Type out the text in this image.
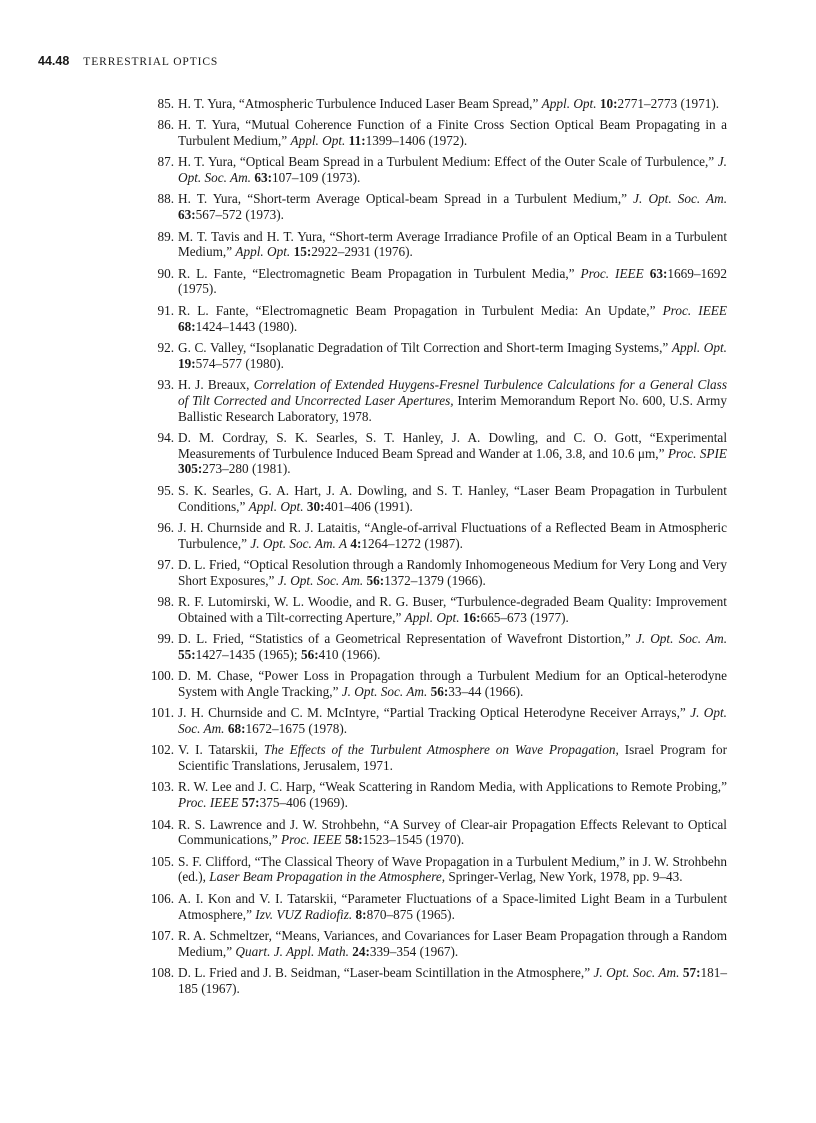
44.48 TERRESTRIAL OPTICS
85. H. T. Yura, “Atmospheric Turbulence Induced Laser Beam Spread,” Appl. Opt. 10:2771–2773 (1971).
86. H. T. Yura, “Mutual Coherence Function of a Finite Cross Section Optical Beam Propagating in a Turbulent Medium,” Appl. Opt. 11:1399–1406 (1972).
87. H. T. Yura, “Optical Beam Spread in a Turbulent Medium: Effect of the Outer Scale of Turbulence,” J. Opt. Soc. Am. 63:107–109 (1973).
88. H. T. Yura, “Short-term Average Optical-beam Spread in a Turbulent Medium,” J. Opt. Soc. Am. 63:567–572 (1973).
89. M. T. Tavis and H. T. Yura, “Short-term Average Irradiance Profile of an Optical Beam in a Turbulent Medium,” Appl. Opt. 15:2922–2931 (1976).
90. R. L. Fante, “Electromagnetic Beam Propagation in Turbulent Media,” Proc. IEEE 63:1669–1692 (1975).
91. R. L. Fante, “Electromagnetic Beam Propagation in Turbulent Media: An Update,” Proc. IEEE 68:1424–1443 (1980).
92. G. C. Valley, “Isoplanatic Degradation of Tilt Correction and Short-term Imaging Systems,” Appl. Opt. 19:574–577 (1980).
93. H. J. Breaux, Correlation of Extended Huygens-Fresnel Turbulence Calculations for a General Class of Tilt Corrected and Uncorrected Laser Apertures, Interim Memorandum Report No. 600, U.S. Army Ballistic Research Laboratory, 1978.
94. D. M. Cordray, S. K. Searles, S. T. Hanley, J. A. Dowling, and C. O. Gott, “Experimental Measurements of Turbulence Induced Beam Spread and Wander at 1.06, 3.8, and 10.6 μm,” Proc. SPIE 305:273–280 (1981).
95. S. K. Searles, G. A. Hart, J. A. Dowling, and S. T. Hanley, “Laser Beam Propagation in Turbulent Conditions,” Appl. Opt. 30:401–406 (1991).
96. J. H. Churnside and R. J. Lataitis, “Angle-of-arrival Fluctuations of a Reflected Beam in Atmospheric Turbulence,” J. Opt. Soc. Am. A 4:1264–1272 (1987).
97. D. L. Fried, “Optical Resolution through a Randomly Inhomogeneous Medium for Very Long and Very Short Exposures,” J. Opt. Soc. Am. 56:1372–1379 (1966).
98. R. F. Lutomirski, W. L. Woodie, and R. G. Buser, “Turbulence-degraded Beam Quality: Improvement Obtained with a Tilt-correcting Aperture,” Appl. Opt. 16:665–673 (1977).
99. D. L. Fried, “Statistics of a Geometrical Representation of Wavefront Distortion,” J. Opt. Soc. Am. 55:1427–1435 (1965); 56:410 (1966).
100. D. M. Chase, “Power Loss in Propagation through a Turbulent Medium for an Optical-heterodyne System with Angle Tracking,” J. Opt. Soc. Am. 56:33–44 (1966).
101. J. H. Churnside and C. M. McIntyre, “Partial Tracking Optical Heterodyne Receiver Arrays,” J. Opt. Soc. Am. 68:1672–1675 (1978).
102. V. I. Tatarskii, The Effects of the Turbulent Atmosphere on Wave Propagation, Israel Program for Scientific Translations, Jerusalem, 1971.
103. R. W. Lee and J. C. Harp, “Weak Scattering in Random Media, with Applications to Remote Probing,” Proc. IEEE 57:375–406 (1969).
104. R. S. Lawrence and J. W. Strohbehn, “A Survey of Clear-air Propagation Effects Relevant to Optical Communications,” Proc. IEEE 58:1523–1545 (1970).
105. S. F. Clifford, “The Classical Theory of Wave Propagation in a Turbulent Medium,” in J. W. Strohbehn (ed.), Laser Beam Propagation in the Atmosphere, Springer-Verlag, New York, 1978, pp. 9–43.
106. A. I. Kon and V. I. Tatarskii, “Parameter Fluctuations of a Space-limited Light Beam in a Turbulent Atmosphere,” Izv. VUZ Radiofiz. 8:870–875 (1965).
107. R. A. Schmeltzer, “Means, Variances, and Covariances for Laser Beam Propagation through a Random Medium,” Quart. J. Appl. Math. 24:339–354 (1967).
108. D. L. Fried and J. B. Seidman, “Laser-beam Scintillation in the Atmosphere,” J. Opt. Soc. Am. 57:181–185 (1967).
